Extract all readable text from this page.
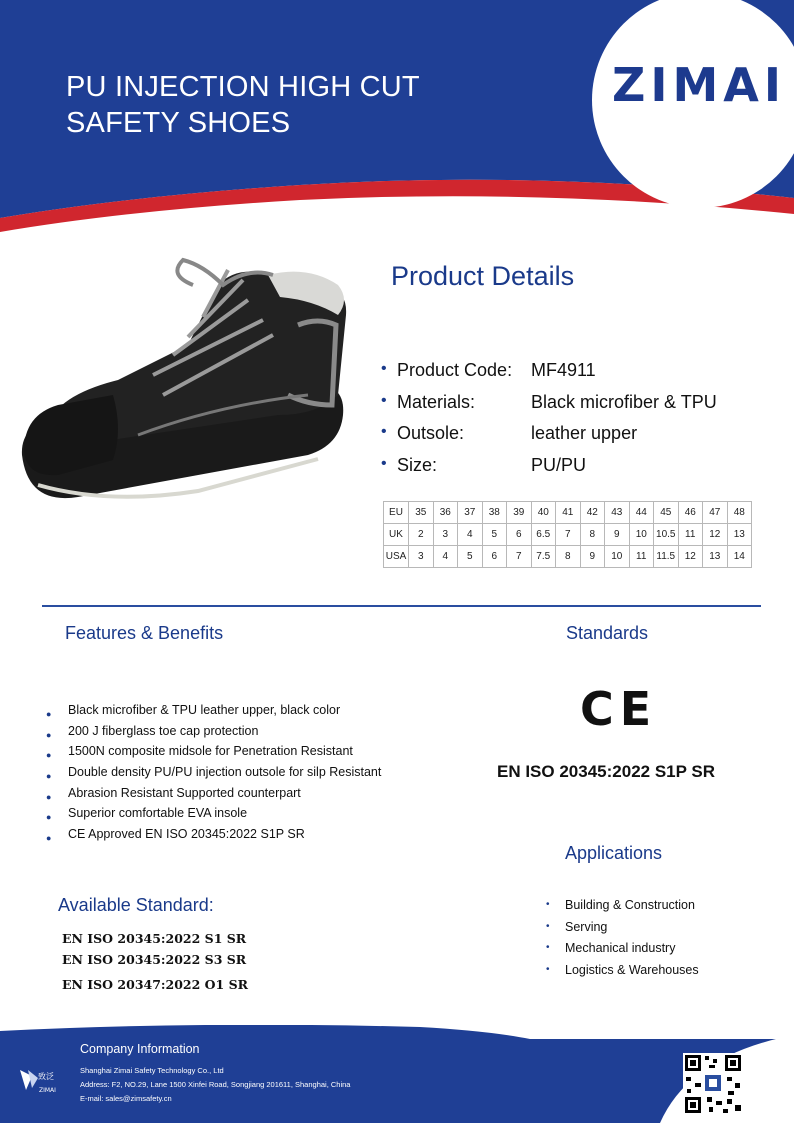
PU INJECTION HIGH CUT
SAFETY SHOES
ZIMAI
Product Details
• Product Code: MF4911
• Materials:	Black microfiber & TPU
• Outsole:	leather upper
• Size:	PU/PU
EU	35	36	37	38	39	40	41	42	43	44	45	46	47	48
UK	2	3	4	5	6	6.5	7	8	9	10	10.5	11	12	13
USA	3	4	5	6	7	7.5	8	9	10	11	11.5	12	13	14
Features & Benefits
● Black microfiber & TPU leather upper, black color
● 200 J fiberglass toe cap protection
● 1500N composite midsole for Penetration Resistant
● Double density PU/PU injection outsole for silp Resistant
● Abrasion Resistant Supported counterpart
● Superior comfortable EVA insole
● CE Approved EN ISO 20345:2022 S1P SR
Standards
CE
EN ISO 20345:2022 S1P SR
Available Standard:
EN ISO 20345:2022 S1 SR
EN ISO 20345:2022 S3 SR
EN ISO 20347:2022 O1 SR
Applications
• Building & Construction
• Serving
• Mechanical industry
• Logistics & Warehouses
Company Information
Shanghai Zimai Safety Technology Co., Ltd
Address: F2, NO.29, Lane 1500 Xinfei Road, Songjiang 201611, Shanghai, China
E-mail: sales@zimsafety.cn
致泛
ZIMAI
